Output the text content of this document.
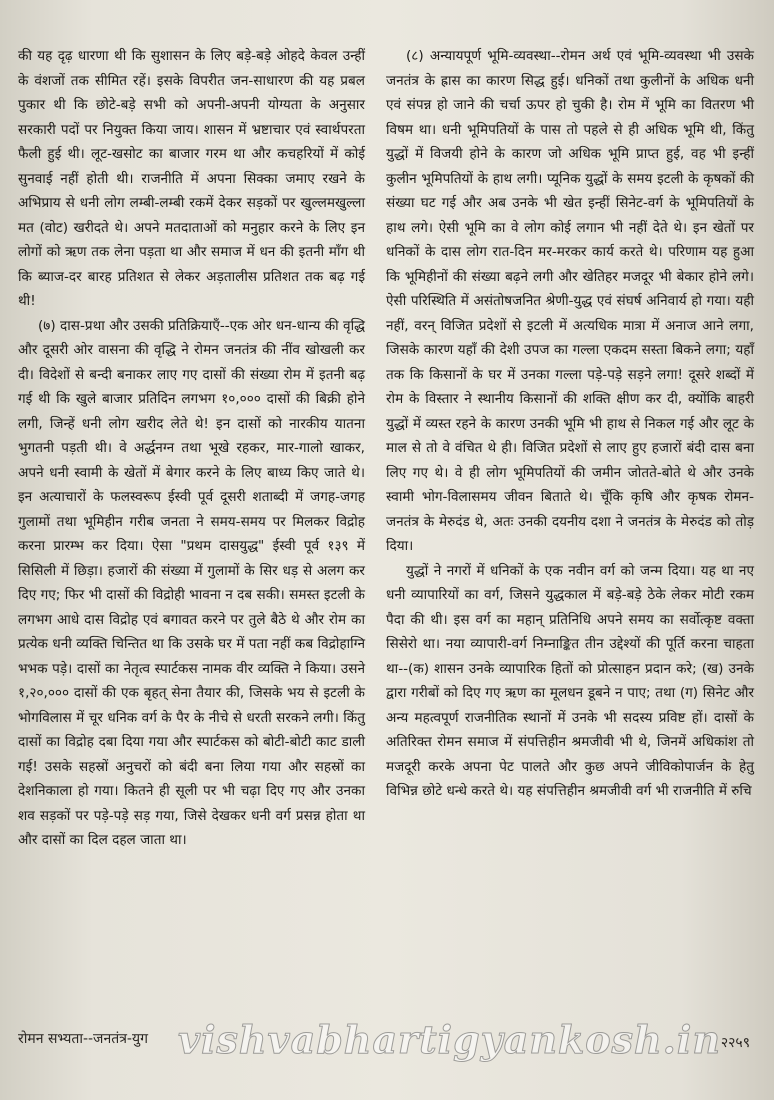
की यह दृढ़ धारणा थी कि सुशासन के लिए बड़े-बड़े ओहदे केवल उन्हीं के वंशजों तक सीमित रहें। इसके विपरीत जन-साधारण की यह प्रबल पुकार थी कि छोटे-बड़े सभी को अपनी-अपनी योग्यता के अनुसार सरकारी पदों पर नियुक्त किया जाय। शासन में भ्रष्टाचार एवं स्वार्थपरता फैली हुई थी। लूट-खसोट का बाजार गरम था और कचहरियों में कोई सुनवाई नहीं होती थी। राजनीति में अपना सिक्का जमाए रखने के अभिप्राय से धनी लोग लम्बी-लम्बी रकमें देकर सड़कों पर खुल्लमखुल्ला मत (वोट) खरीदते थे। अपने मतदाताओं को मनुहार करने के लिए इन लोगों को ऋण तक लेना पड़ता था और समाज में धन की इतनी माँग थी कि ब्याज-दर बारह प्रतिशत से लेकर अड़तालीस प्रतिशत तक बढ़ गई थी!

(७) दास-प्रथा और उसकी प्रतिक्रियाएँ--एक ओर धन-धान्य की वृद्धि और दूसरी ओर वासना की वृद्धि ने रोमन जनतंत्र की नींव खोखली कर दी। विदेशों से बन्दी बनाकर लाए गए दासों की संख्या रोम में इतनी बढ़ गई थी कि खुले बाजार प्रतिदिन लगभग १०,००० दासों की बिक्री होने लगी, जिन्हें धनी लोग खरीद लेते थे! इन दासों को नारकीय यातना भुगतनी पड़ती थी। वे अर्द्धनग्न तथा भूखे रहकर, मार-गालो खाकर, अपने धनी स्वामी के खेतों में बेगार करने के लिए बाध्य किए जाते थे। इन अत्याचारों के फलस्वरूप ईस्वी पूर्व दूसरी शताब्दी में जगह-जगह गुलामों तथा भूमिहीन गरीब जनता ने समय-समय पर मिलकर विद्रोह करना प्रारम्भ कर दिया। ऐसा "प्रथम दासयुद्ध" ईस्वी पूर्व १३९ में सिसिली में छिड़ा। हजारों की संख्या में गुलामों के सिर धड़ से अलग कर दिए गए; फिर भी दासों की विद्रोही भावना न दब सकी। समस्त इटली के लगभग आधे दास विद्रोह एवं बगावत करने पर तुले बैठे थे और रोम का प्रत्येक धनी व्यक्ति चिन्तित था कि उसके घर में पता नहीं कब विद्रोहाग्नि भभक पड़े। दासों का नेतृत्व स्पार्टकस नामक वीर व्यक्ति ने किया। उसने १,२०,००० दासों की एक बृहत् सेना तैयार की, जिसके भय से इटली के भोगविलास में चूर धनिक वर्ग के पैर के नीचे से धरती सरकने लगी। किंतु दासों का विद्रोह दबा दिया गया और स्पार्टकस को बोटी-बोटी काट डाली गई! उसके सहस्रों अनुचरों को बंदी बना लिया गया और सहस्रों का देशनिकाला हो गया। कितने ही सूली पर भी चढ़ा दिए गए और उनका शव सड़कों पर पड़े-पड़े सड़ गया, जिसे देखकर धनी वर्ग प्रसन्न होता था और दासों का दिल दहल जाता था।

(८) अन्यायपूर्ण भूमि-व्यवस्था--रोमन अर्थ एवं भूमि-व्यवस्था भी उसके जनतंत्र के ह्रास का कारण सिद्ध हुई। धनिकों तथा कुलीनों के अधिक धनी एवं संपन्न हो जाने की चर्चा ऊपर हो चुकी है। रोम में भूमि का वितरण भी विषम था। धनी भूमिपतियों के पास तो पहले से ही अधिक भूमि थी, किंतु युद्धों में विजयी होने के कारण जो अधिक भूमि प्राप्त हुई, वह भी इन्हीं कुलीन भूमिपतियों के हाथ लगी। प्यूनिक युद्धों के समय इटली के कृषकों की संख्या घट गई और अब उनके भी खेत इन्हीं सिनेट-वर्ग के भूमिपतियों के हाथ लगे। ऐसी भूमि का वे लोग कोई लगान भी नहीं देते थे। इन खेतों पर धनिकों के दास लोग रात-दिन मर-मरकर कार्य करते थे। परिणाम यह हुआ कि भूमिहीनों की संख्या बढ़ने लगी और खेतिहर मजदूर भी बेकार होने लगे। ऐसी परिस्थिति में असंतोषजनित श्रेणी-युद्ध एवं संघर्ष अनिवार्य हो गया। यही नहीं, वरन् विजित प्रदेशों से इटली में अत्यधिक मात्रा में अनाज आने लगा, जिसके कारण यहाँ की देशी उपज का गल्ला एकदम सस्ता बिकने लगा; यहाँ तक कि किसानों के घर में उनका गल्ला पड़े-पड़े सड़ने लगा! दूसरे शब्दों में रोम के विस्तार ने स्थानीय किसानों की शक्ति क्षीण कर दी, क्योंकि बाहरी युद्धों में व्यस्त रहने के कारण उनकी भूमि भी हाथ से निकल गई और लूट के माल से तो वे वंचित थे ही। विजित प्रदेशों से लाए हुए हजारों बंदी दास बना लिए गए थे। वे ही लोग भूमिपतियों की जमीन जोतते-बोते थे और उनके स्वामी भोग-विलासमय जीवन बिताते थे। चूँकि कृषि और कृषक रोमन-जनतंत्र के मेरुदंड थे, अतः उनकी दयनीय दशा ने जनतंत्र के मेरुदंड को तोड़ दिया।

युद्धों ने नगरों में धनिकों के एक नवीन वर्ग को जन्म दिया। यह था नए धनी व्यापारियों का वर्ग, जिसने युद्धकाल में बड़े-बड़े ठेके लेकर मोटी रकम पैदा की थी। इस वर्ग का महान् प्रतिनिधि अपने समय का सर्वोत्कृष्ट वक्ता सिसेरो था। नया व्यापारी-वर्ग निम्नाङ्कित तीन उद्देश्यों की पूर्ति करना चाहता था--(क) शासन उनके व्यापारिक हितों को प्रोत्साहन प्रदान करे; (ख) उनके द्वारा गरीबों को दिए गए ऋण का मूलधन डूबने न पाए; तथा (ग) सिनेट और अन्य महत्वपूर्ण राजनीतिक स्थानों में उनके भी सदस्य प्रविष्ट हों। दासों के अतिरिक्त रोमन समाज में संपत्तिहीन श्रमजीवी भी थे, जिनमें अधिकांश तो मजदूरी करके अपना पेट पालते और कुछ अपने जीविकोपार्जन के हेतु विभिन्न छोटे धन्धे करते थे। यह संपत्तिहीन श्रमजीवी वर्ग भी राजनीति में रुचि

रोमन सभ्यता--जनतंत्र-युग vishvabhartigyankosh.in २२५९
